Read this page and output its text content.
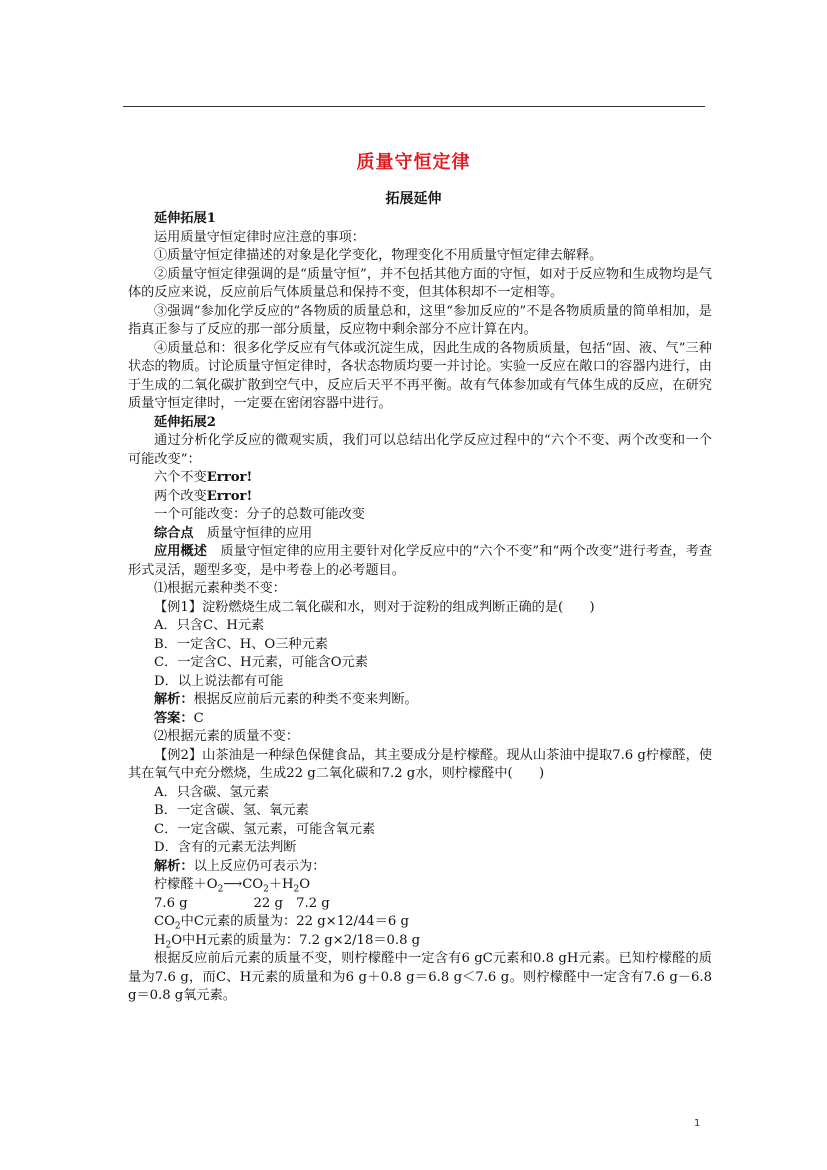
质量守恒定律
拓展延伸

延伸拓展1

运用质量守恒定律时应注意的事项：

①质量守恒定律描述的对象是化学变化，物理变化不用质量守恒定律去解释。

②质量守恒定律强调的是“质量守恒”，并不包括其他方面的守恒，如对于反应物和生成物均是气体的反应来说，反应前后气体质量总和保持不变，但其体积却不一定相等。

③强调“参加化学反应的”各物质的质量总和，这里“参加反应的”不是各物质质量的简单相加，是指真正参与了反应的那一部分质量，反应物中剩余部分不应计算在内。

④质量总和：很多化学反应有气体或沉淀生成，因此生成的各物质质量，包括“固、液、气”三种状态的物质。讨论质量守恒定律时，各状态物质均要一并讨论。实验一反应在敞口的容器内进行，由于生成的二氧化碳扩散到空气中，反应后天平不再平衡。故有气体参加或有气体生成的反应，在研究质量守恒定律时，一定要在密闭容器中进行。

延伸拓展2

通过分析化学反应的微观实质，我们可以总结出化学反应过程中的“六个不变、两个改变和一个可能改变”：

六个不变Error!

两个改变Error!

一个可能改变：分子的总数可能改变

综合点　 质量守恒律的应用

应用概述　 质量守恒定律的应用主要针对化学反应中的“六个不变”和“两个改变”进行考查，考查形式灵活，题型多变，是中考卷上的必考题目。

⑴根据元素种类不变：

【例1】淀粉燃烧生成二氧化碳和水，则对于淀粉的组成判断正确的是(　　)

A．只含C、H元素

B．一定含C、H、O三种元素

C．一定含C、H元素，可能含O元素

D．以上说法都有可能

解析：根据反应前后元素的种类不变来判断。

答案：C

⑵根据元素的质量不变：

【例2】山茶油是一种绿色保健食品，其主要成分是柠檬醛。现从山茶油中提取7.6 g柠檬醛，使其在氧气中充分燃烧，生成22 g二氧化碳和7.2 g水，则柠檬醛中(　　)

A．只含碳、氢元素

B．一定含碳、氢、氧元素

C．一定含碳、氢元素，可能含氧元素

D．含有的元素无法判断

解析：以上反应仍可表示为：

柠檬醛$+O_2⟶CO_2+H_2O$

7.6 g　　　　　22 g　7.2 g

$CO_2$中C元素的质量为：22 g×12/44＝6 g

$H_2O$中H元素的质量为：7.2 g×2/18＝0.8 g

根据反应前后元素的质量不变，则柠檬醛中一定含有6 gC元素和0.8 gH元素。已知柠檬醛的质量为7.6 g，而C、H元素的质量和为6 g＋0.8 g＝6.8 g＜7.6 g。则柠檬醛中一定含有7.6 g－6.8 g＝0.8 g氧元素。

1
